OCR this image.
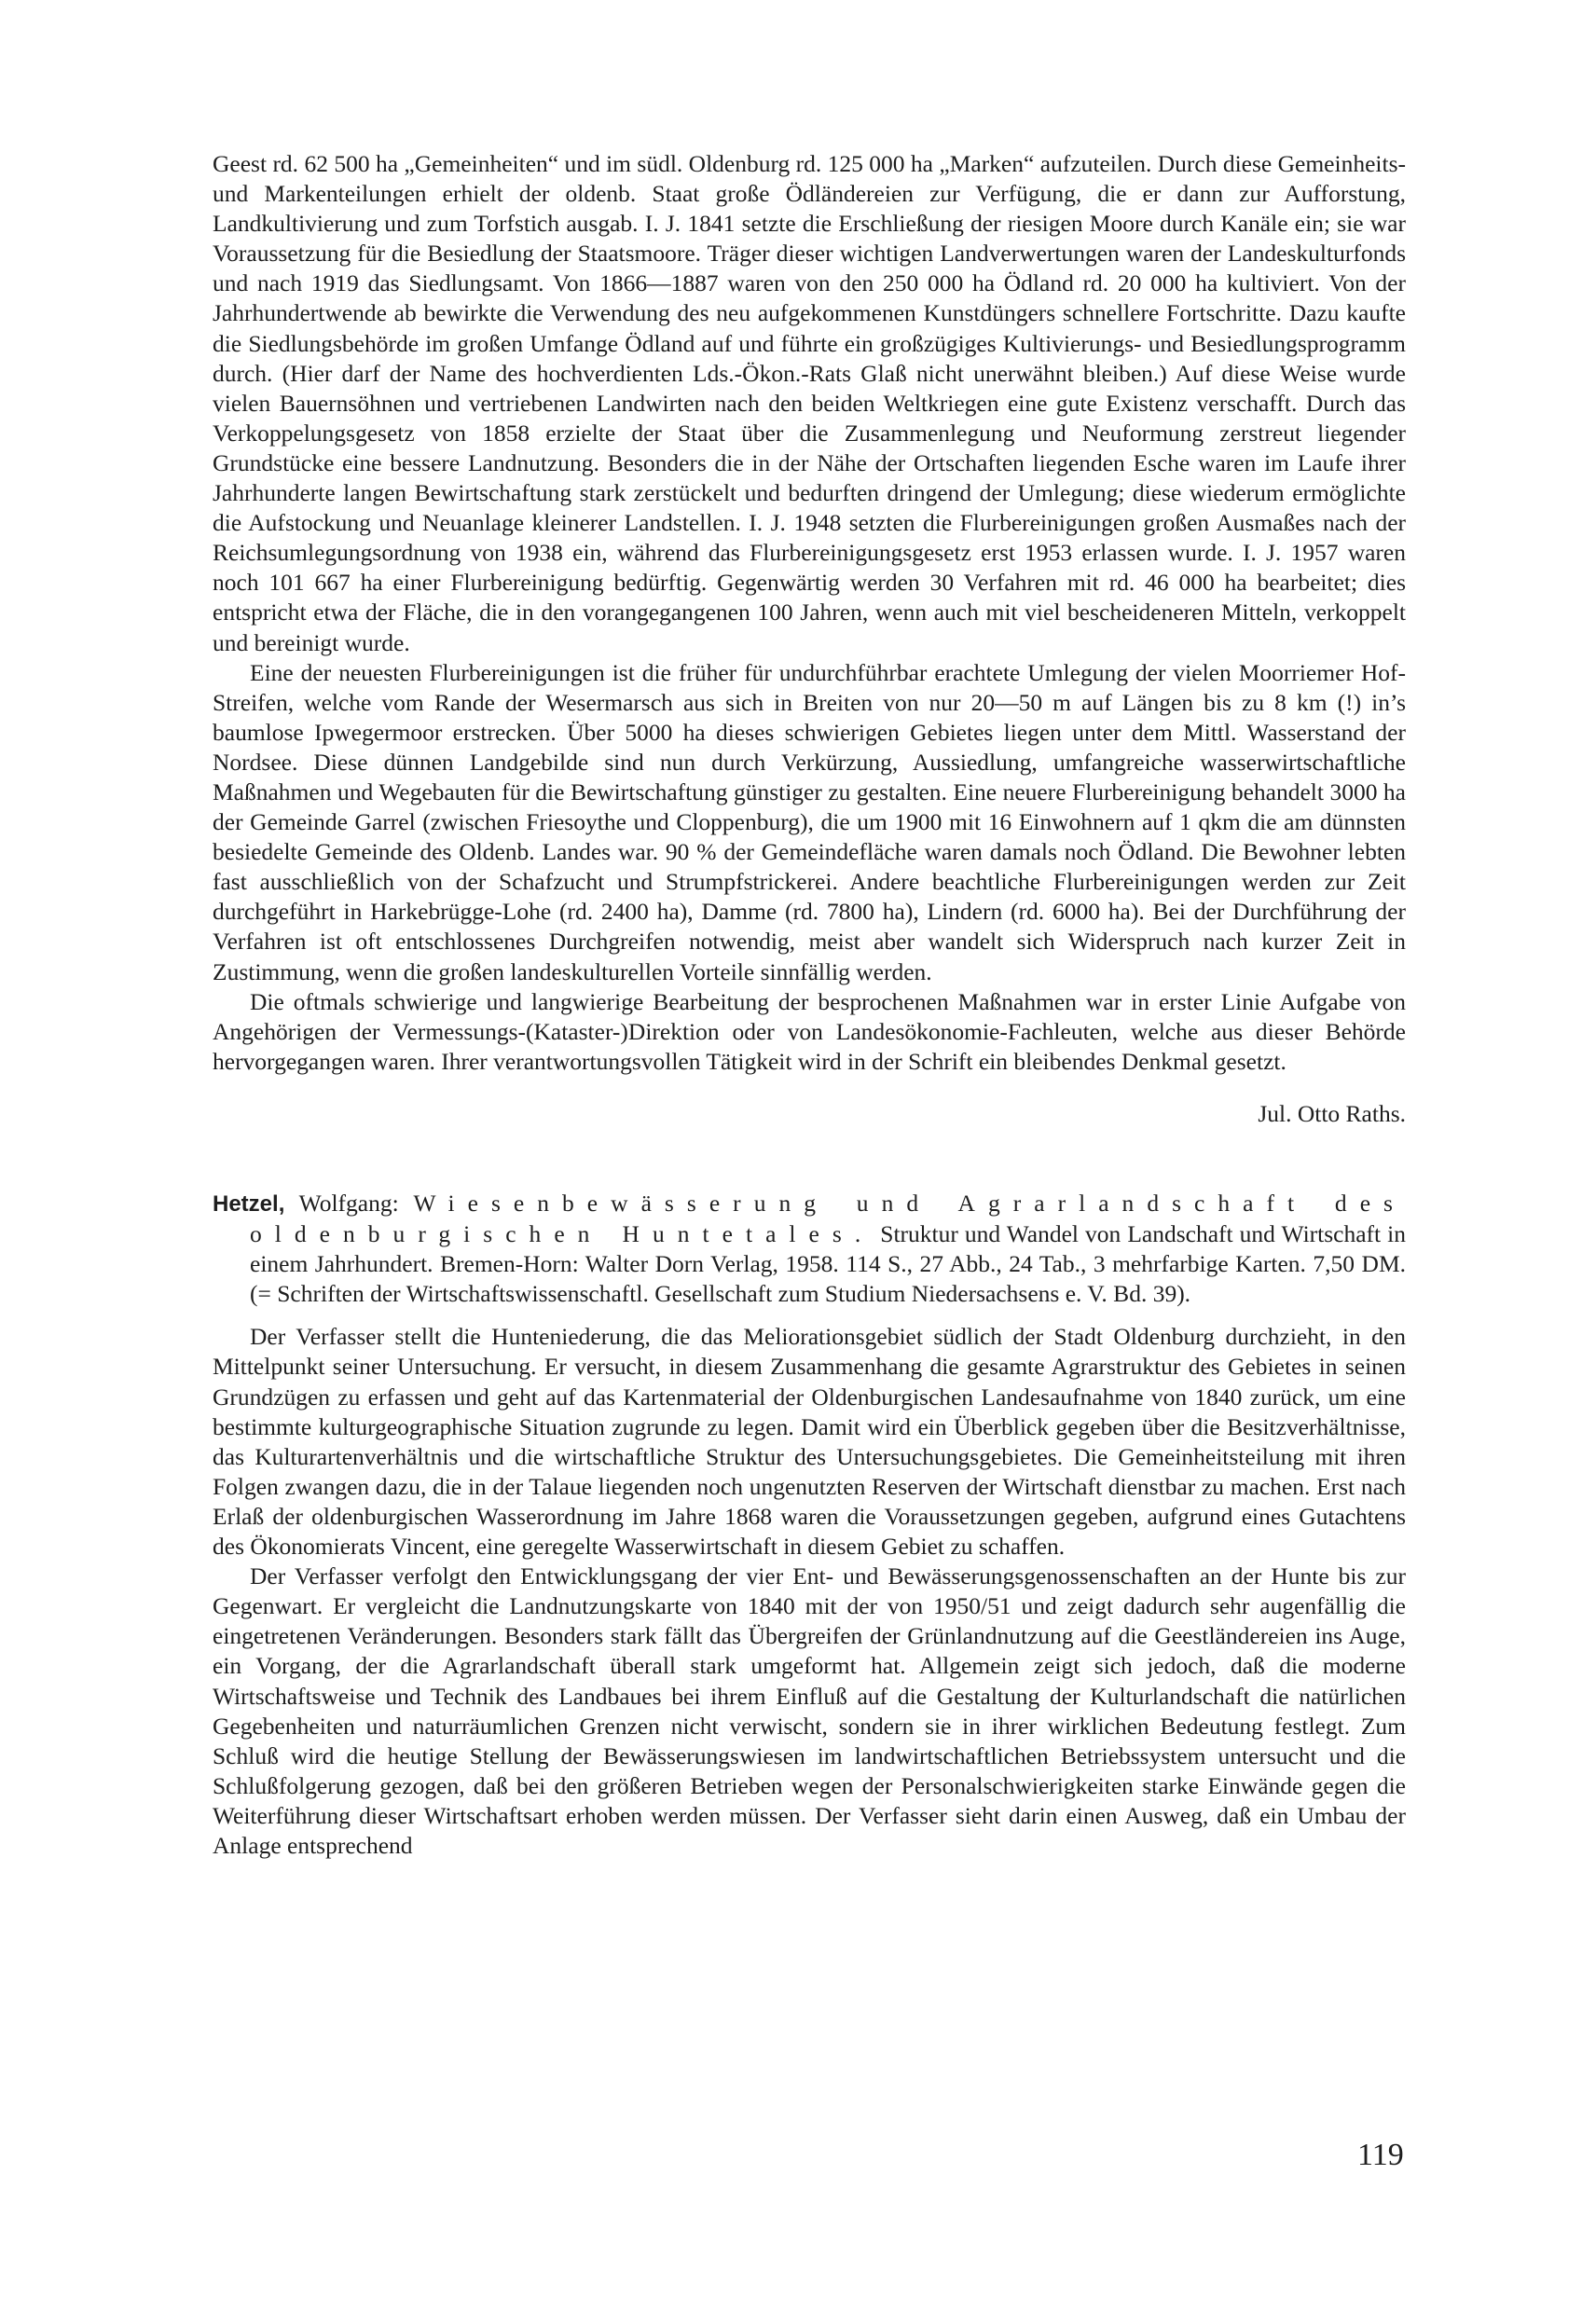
Geest rd. 62 500 ha „Gemeinheiten“ und im südl. Oldenburg rd. 125 000 ha „Marken“ aufzuteilen. Durch diese Gemeinheits- und Markenteilungen erhielt der oldenb. Staat große Ödländereien zur Verfügung, die er dann zur Aufforstung, Landkultivierung und zum Torfstich ausgab. I. J. 1841 setzte die Erschließung der riesigen Moore durch Kanäle ein; sie war Voraussetzung für die Besiedlung der Staatsmoore. Träger dieser wichtigen Landverwertungen waren der Landeskulturfonds und nach 1919 das Siedlungsamt. Von 1866—1887 waren von den 250 000 ha Ödland rd. 20 000 ha kultiviert. Von der Jahrhundertwende ab bewirkte die Verwendung des neu aufgekommenen Kunstdüngers schnellere Fortschritte. Dazu kaufte die Siedlungsbehörde im großen Umfange Ödland auf und führte ein großzügiges Kultivierungs- und Besiedlungsprogramm durch. (Hier darf der Name des hochverdienten Lds.-Ökon.-Rats Glaß nicht unerwähnt bleiben.) Auf diese Weise wurde vielen Bauernsöhnen und vertriebenen Landwirten nach den beiden Weltkriegen eine gute Existenz verschafft. Durch das Verkoppelungsgesetz von 1858 erzielte der Staat über die Zusammenlegung und Neuformung zerstreut liegender Grundstücke eine bessere Landnutzung. Besonders die in der Nähe der Ortschaften liegenden Esche waren im Laufe ihrer Jahrhunderte langen Bewirtschaftung stark zerstückelt und bedurften dringend der Umlegung; diese wiederum ermöglichte die Aufstockung und Neuanlage kleinerer Landstellen. I. J. 1948 setzten die Flurbereinigungen großen Ausmaßes nach der Reichsumlegungsordnung von 1938 ein, während das Flurbereinigungsgesetz erst 1953 erlassen wurde. I. J. 1957 waren noch 101 667 ha einer Flurbereinigung bedürftig. Gegenwärtig werden 30 Verfahren mit rd. 46 000 ha bearbeitet; dies entspricht etwa der Fläche, die in den vorangegangenen 100 Jahren, wenn auch mit viel bescheideneren Mitteln, verkoppelt und bereinigt wurde.

Eine der neuesten Flurbereinigungen ist die früher für undurchführbar erachtete Umlegung der vielen Moorriemer Hof-Streifen, welche vom Rande der Wesermarsch aus sich in Breiten von nur 20—50 m auf Längen bis zu 8 km (!) in’s baumlose Ipwegermoor erstrecken. Über 5000 ha dieses schwierigen Gebietes liegen unter dem Mittl. Wasserstand der Nordsee. Diese dünnen Landgebilde sind nun durch Verkürzung, Aussiedlung, umfangreiche wasserwirtschaftliche Maßnahmen und Wegebauten für die Bewirtschaftung günstiger zu gestalten. Eine neuere Flurbereinigung behandelt 3000 ha der Gemeinde Garrel (zwischen Friesoythe und Cloppenburg), die um 1900 mit 16 Einwohnern auf 1 qkm die am dünnsten besiedelte Gemeinde des Oldenb. Landes war. 90 % der Gemeindefläche waren damals noch Ödland. Die Bewohner lebten fast ausschließlich von der Schafzucht und Strumpfstrickerei. Andere beachtliche Flurbereinigungen werden zur Zeit durchgeführt in Harkebrügge-Lohe (rd. 2400 ha), Damme (rd. 7800 ha), Lindern (rd. 6000 ha). Bei der Durchführung der Verfahren ist oft entschlossenes Durchgreifen notwendig, meist aber wandelt sich Widerspruch nach kurzer Zeit in Zustimmung, wenn die großen landeskulturellen Vorteile sinnfällig werden.

Die oftmals schwierige und langwierige Bearbeitung der besprochenen Maßnahmen war in erster Linie Aufgabe von Angehörigen der Vermessungs-(Kataster-)Direktion oder von Landesökonomie-Fachleuten, welche aus dieser Behörde hervorgegangen waren. Ihrer verantwortungsvollen Tätigkeit wird in der Schrift ein bleibendes Denkmal gesetzt.

Jul. Otto Raths.

Hetzel, Wolfgang: Wiesenbewässerung und Agrarlandschaft des oldenburgischen Huntetales. Struktur und Wandel von Landschaft und Wirtschaft in einem Jahrhundert. Bremen-Horn: Walter Dorn Verlag, 1958. 114 S., 27 Abb., 24 Tab., 3 mehrfarbige Karten. 7,50 DM. (= Schriften der Wirtschaftswissenschaftl. Gesellschaft zum Studium Niedersachsens e. V. Bd. 39).

Der Verfasser stellt die Hunteniederung, die das Meliorationsgebiet südlich der Stadt Oldenburg durchzieht, in den Mittelpunkt seiner Untersuchung. Er versucht, in diesem Zusammenhang die gesamte Agrarstruktur des Gebietes in seinen Grundzügen zu erfassen und geht auf das Kartenmaterial der Oldenburgischen Landesaufnahme von 1840 zurück, um eine bestimmte kulturgeographische Situation zugrunde zu legen. Damit wird ein Überblick gegeben über die Besitzverhältnisse, das Kulturartenverhältnis und die wirtschaftliche Struktur des Untersuchungsgebietes. Die Gemeinheitsteilung mit ihren Folgen zwangen dazu, die in der Talaue liegenden noch ungenutzten Reserven der Wirtschaft dienstbar zu machen. Erst nach Erlaß der oldenburgischen Wasserordnung im Jahre 1868 waren die Voraussetzungen gegeben, aufgrund eines Gutachtens des Ökonomierats Vincent, eine geregelte Wasserwirtschaft in diesem Gebiet zu schaffen.

Der Verfasser verfolgt den Entwicklungsgang der vier Ent- und Bewässerungsgenossenschaften an der Hunte bis zur Gegenwart. Er vergleicht die Landnutzungskarte von 1840 mit der von 1950/51 und zeigt dadurch sehr augenfällig die eingetretenen Veränderungen. Besonders stark fällt das Übergreifen der Grünlandnutzung auf die Geestländereien ins Auge, ein Vorgang, der die Agrarlandschaft überall stark umgeformt hat. Allgemein zeigt sich jedoch, daß die moderne Wirtschaftsweise und Technik des Landbaues bei ihrem Einfluß auf die Gestaltung der Kulturlandschaft die natürlichen Gegebenheiten und naturräumlichen Grenzen nicht verwischt, sondern sie in ihrer wirklichen Bedeutung festlegt. Zum Schluß wird die heutige Stellung der Bewässerungswiesen im landwirtschaftlichen Betriebssystem untersucht und die Schlußfolgerung gezogen, daß bei den größeren Betrieben wegen der Personalschwierigkeiten starke Einwände gegen die Weiterführung dieser Wirtschaftsart erhoben werden müssen. Der Verfasser sieht darin einen Ausweg, daß ein Umbau der Anlage entsprechend

119
